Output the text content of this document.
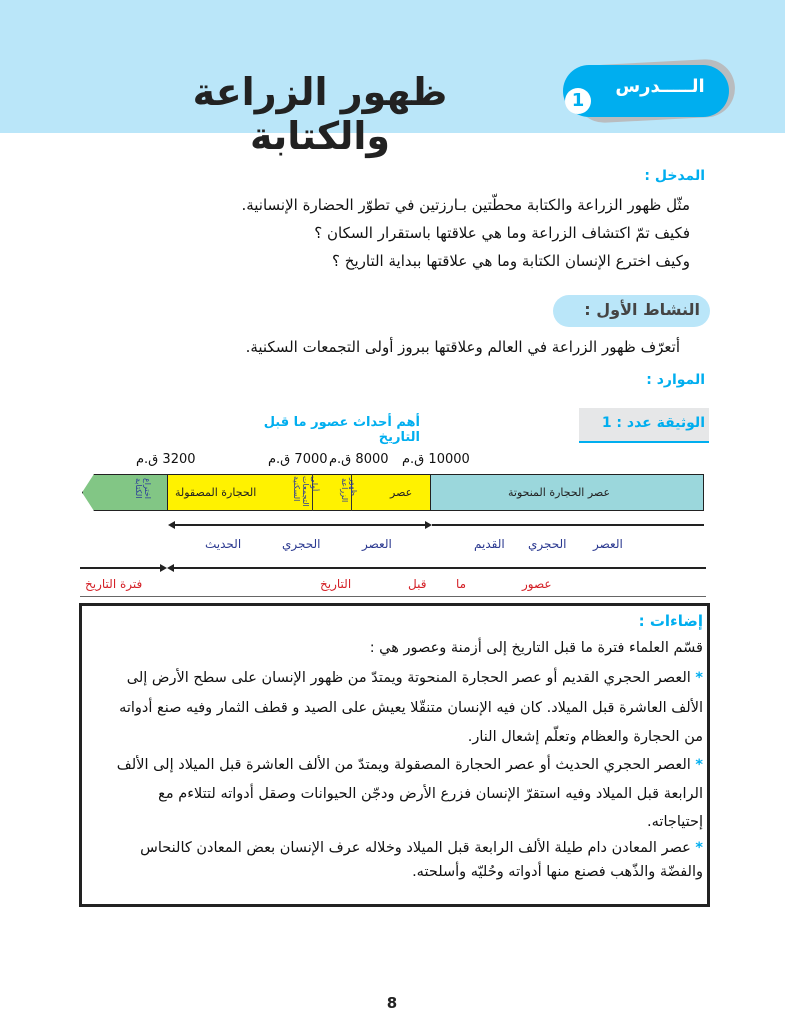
الـــــدرس
1
ظهور الزراعة والكتابة
المدخل :
مثّل ظهور الزراعة والكتابة محطّتين بـارزتين في تطوّر الحضارة الإنسانية.
فكيف تمّ اكتشاف الزراعة وما هي علاقتها باستقرار السكان ؟
وكيف اخترع الإنسان الكتابة وما هي علاقتها ببداية التاريخ ؟
النشاط الأول :
أتعرّف ظهور الزراعة في العالم وعلاقتها ببروز أولى التجمعات السكنية.
الموارد :
الوثيقة عدد : 1
أهم أحداث عصور ما قبل التاريخ
3200 ق.م	7000 ق.م	8000 ق.م	10000 ق.م
اختراع الكتابة	الحجارة المصقولة
أولى التجمعات السكنية	ظهور الزراعة	عصر	عصر الحجارة المنحوتة
الحديث	الحجري	العصر	القديم الحجري العصر
فترة التاريخ	التاريخ	قبل ما	عصور
إضاءات :
قسّم العلماء فترة ما قبل التاريخ إلى أزمنة وعصور هي :
* العصر الحجري القديم أو عصر الحجارة المنحوتة ويمتدّ من ظهور الإنسان على سطح الأرض إلى
الألف العاشرة قبل الميلاد. كان فيه الإنسان متنقّلا يعيش على الصيد و قطف الثمار وفيه صنع أدواته
من الحجارة والعظام وتعلّم إشعال النار.
* العصر الحجري الحديث أو عصر الحجارة المصقولة ويمتدّ من الألف العاشرة قبل الميلاد إلى الألف
الرابعة قبل الميلاد وفيه استقرّ الإنسان فزرع الأرض ودجّن الحيوانات وصقل أدواته لتتلاءم مع
إحتياجاته.
* عصر المعادن دام طيلة الألف الرابعة قبل الميلاد وخلاله عرف الإنسان بعض المعادن كالنحاس
والفضّة والذّهب فصنع منها أدواته وحُليّه وأسلحته.
8
